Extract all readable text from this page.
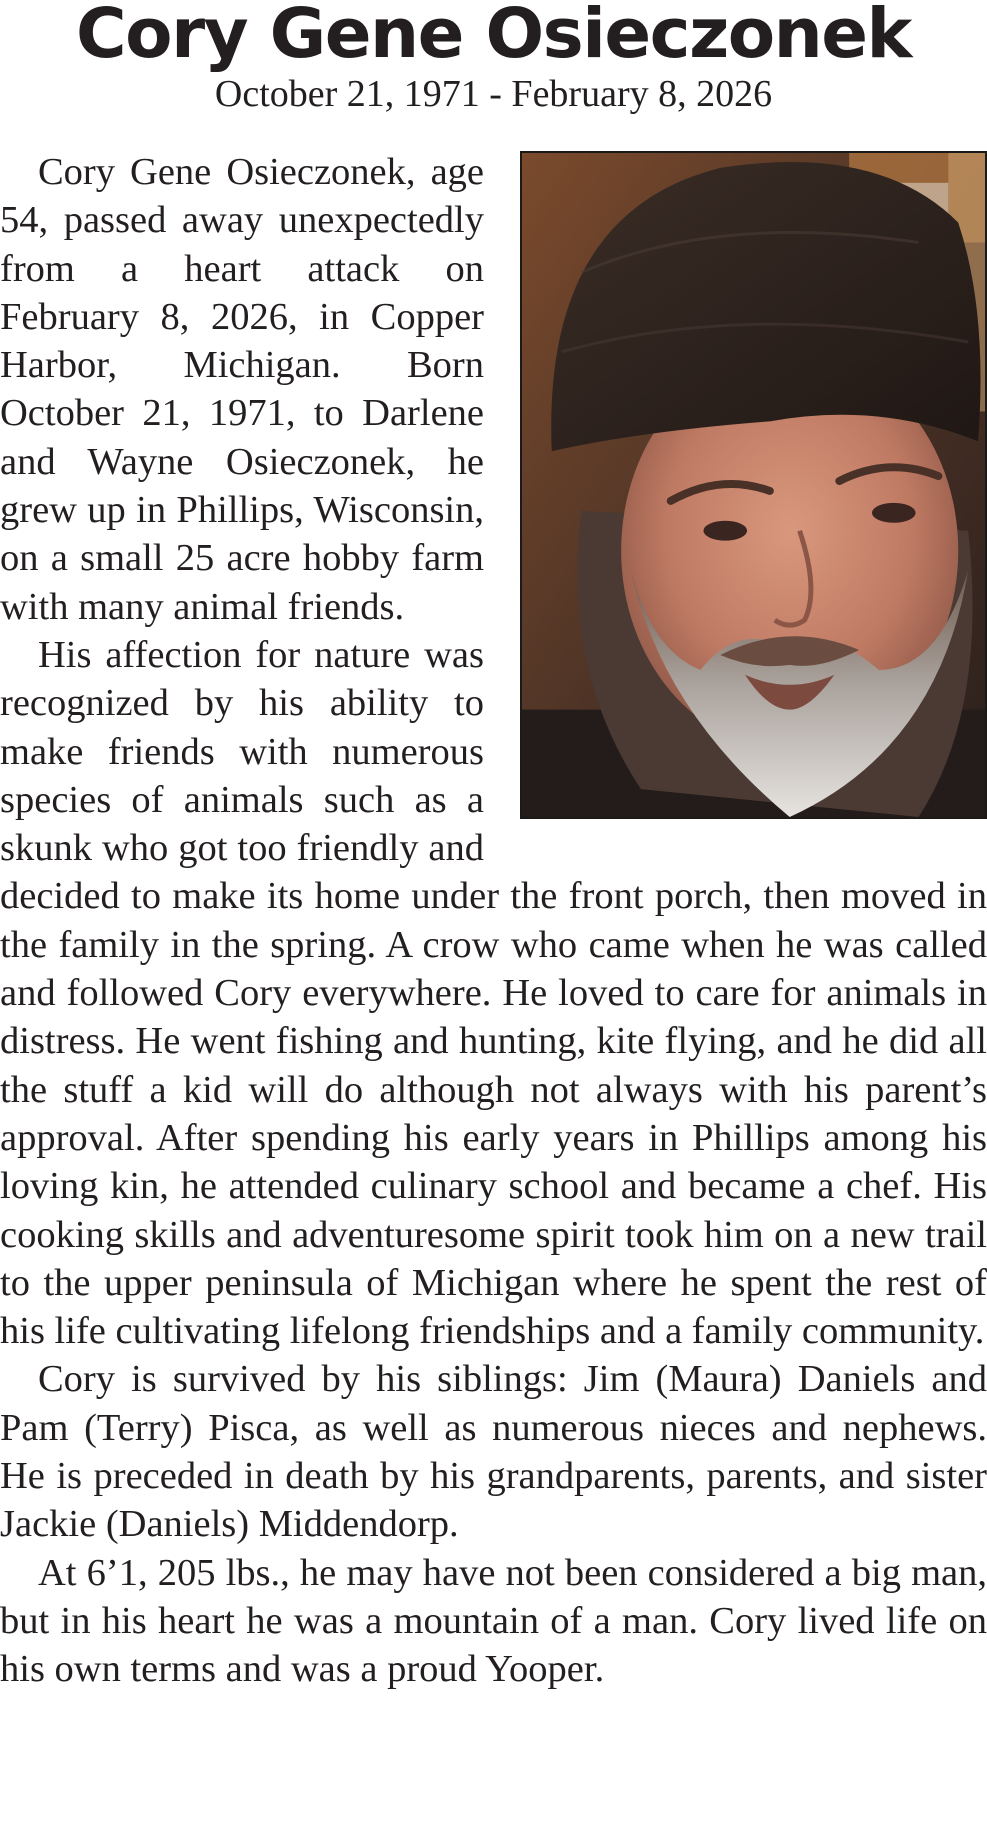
Cory Gene Osieczonek
October 21, 1971 - February 8, 2026

Cory Gene Osieczonek, age 54, passed away unexpectedly from a heart attack on February 8, 2026, in Copper Harbor, Michigan. Born October 21, 1971, to Darlene and Wayne Osieczonek, he grew up in Phillips, Wisconsin, on a small 25 acre hobby farm with many animal friends.

His affection for nature was recognized by his ability to make friends with numerous species of animals such as a skunk who got too friendly and decided to make its home under the front porch, then moved in the family in the spring. A crow who came when he was called and followed Cory everywhere. He loved to care for animals in distress. He went fishing and hunting, kite flying, and he did all the stuff a kid will do although not always with his parent’s approval. After spending his early years in Phillips among his loving kin, he attended culinary school and became a chef. His cooking skills and adventuresome spirit took him on a new trail to the upper peninsula of Michigan where he spent the rest of his life cultivating lifelong friendships and a family community.

Cory is survived by his siblings: Jim (Maura) Daniels and Pam (Terry) Pisca, as well as numerous nieces and nephews. He is preceded in death by his grandparents, parents, and sister Jackie (Daniels) Middendorp.

At 6’1, 205 lbs., he may have not been considered a big man, but in his heart he was a mountain of a man. Cory lived life on his own terms and was a proud Yooper.
